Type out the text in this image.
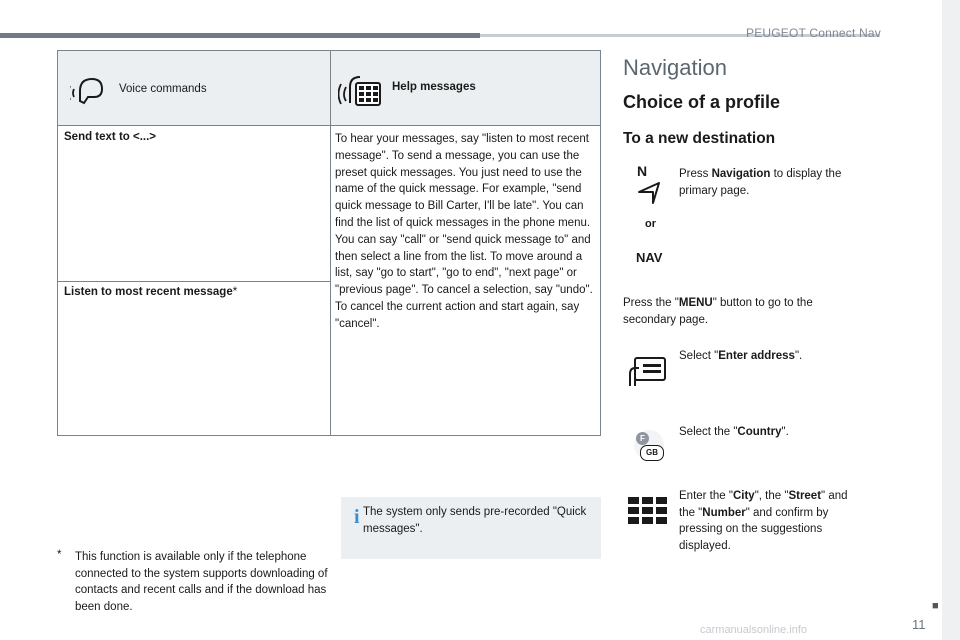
PEUGEOT Connect Nav
Voice commands	Help messages
Send text to <...>
Listen to most recent message*
To hear your messages, say "listen to most recent message". To send a message, you can use the preset quick messages. You just need to use the name of the quick message. For example, "send quick message to Bill Carter, I'll be late". You can find the list of quick messages in the phone menu. You can say "call" or "send quick message to" and then select a line from the list. To move around a list, say "go to start", "go to end", "next page" or "previous page". To cancel a selection, say "undo". To cancel the current action and start again, say "cancel".
i The system only sends pre-recorded "Quick messages".
* This function is available only if the telephone connected to the system supports downloading of contacts and recent calls and if the download has been done.
Navigation
Choice of a profile
To a new destination
N
or
NAV
Press Navigation to display the primary page.
Press the "MENU" button to go to the secondary page.
Select "Enter address".
F
GB
Select the "Country".
Enter the "City", the "Street" and the "Number" and confirm by pressing on the suggestions displayed.
■
11
carmanualsonline.info
